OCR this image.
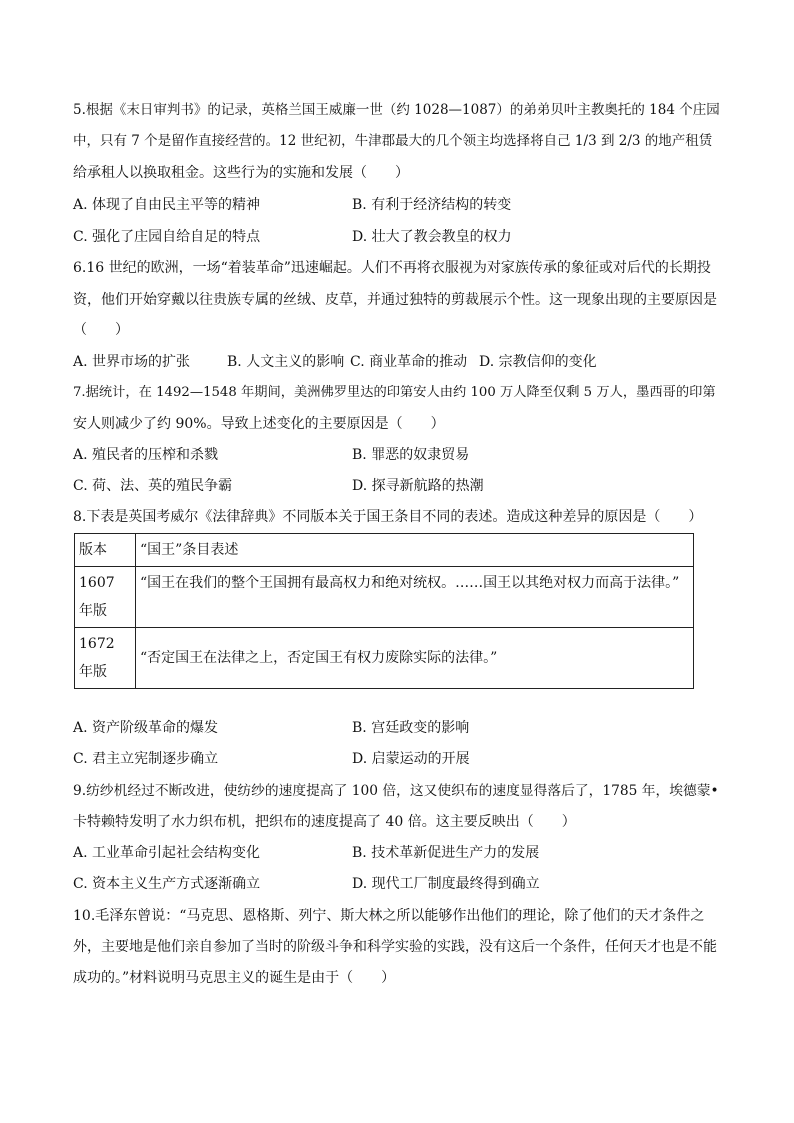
5.根据《末日审判书》的记录，英格兰国王威廉一世（约 1028—1087）的弟弟贝叶主教奥托的 184 个庄园
中，只有 7 个是留作直接经营的。12 世纪初，牛津郡最大的几个领主均选择将自己 1/3 到 2/3 的地产租赁
给承租人以换取租金。这些行为的实施和发展（　　）
A. 体现了自由民主平等的精神	B. 有利于经济结构的转变
C. 强化了庄园自给自足的特点	D. 壮大了教会教皇的权力
6.16 世纪的欧洲，一场“着装革命”迅速崛起。人们不再将衣服视为对家族传承的象征或对后代的长期投
资，他们开始穿戴以往贵族专属的丝绒、皮草，并通过独特的剪裁展示个性。这一现象出现的主要原因是
（　　）
A. 世界市场的扩张	B. 人文主义的影响 C. 商业革命的推动 D. 宗教信仰的变化
7.据统计，在 1492—1548 年期间，美洲佛罗里达的印第安人由约 100 万人降至仅剩 5 万人，墨西哥的印第
安人则减少了约 90%。导致上述变化的主要原因是（　　）
A. 殖民者的压榨和杀戮	B. 罪恶的奴隶贸易
C. 荷、法、英的殖民争霸	D. 探寻新航路的热潮
8.下表是英国考威尔《法律辞典》不同版本关于国王条目不同的表述。造成这种差异的原因是（　　）
版本	“国王”条目表述
1607 年版	“国王在我们的整个王国拥有最高权力和绝对统权。……国王以其绝对权力而高于法律。”
1672 年版	“否定国王在法律之上，否定国王有权力废除实际的法律。”
A. 资产阶级革命的爆发	B. 宫廷政变的影响
C. 君主立宪制逐步确立	D. 启蒙运动的开展
9.纺纱机经过不断改进，使纺纱的速度提高了 100 倍，这又使织布的速度显得落后了，1785 年，埃德蒙•
卡特赖特发明了水力织布机，把织布的速度提高了 40 倍。这主要反映出（　　）
A. 工业革命引起社会结构变化	B. 技术革新促进生产力的发展
C. 资本主义生产方式逐渐确立	D. 现代工厂制度最终得到确立
10.毛泽东曾说：“马克思、恩格斯、列宁、斯大林之所以能够作出他们的理论，除了他们的天才条件之
外，主要地是他们亲自参加了当时的阶级斗争和科学实验的实践，没有这后一个条件，任何天才也是不能
成功的。”材料说明马克思主义的诞生是由于（　　）
